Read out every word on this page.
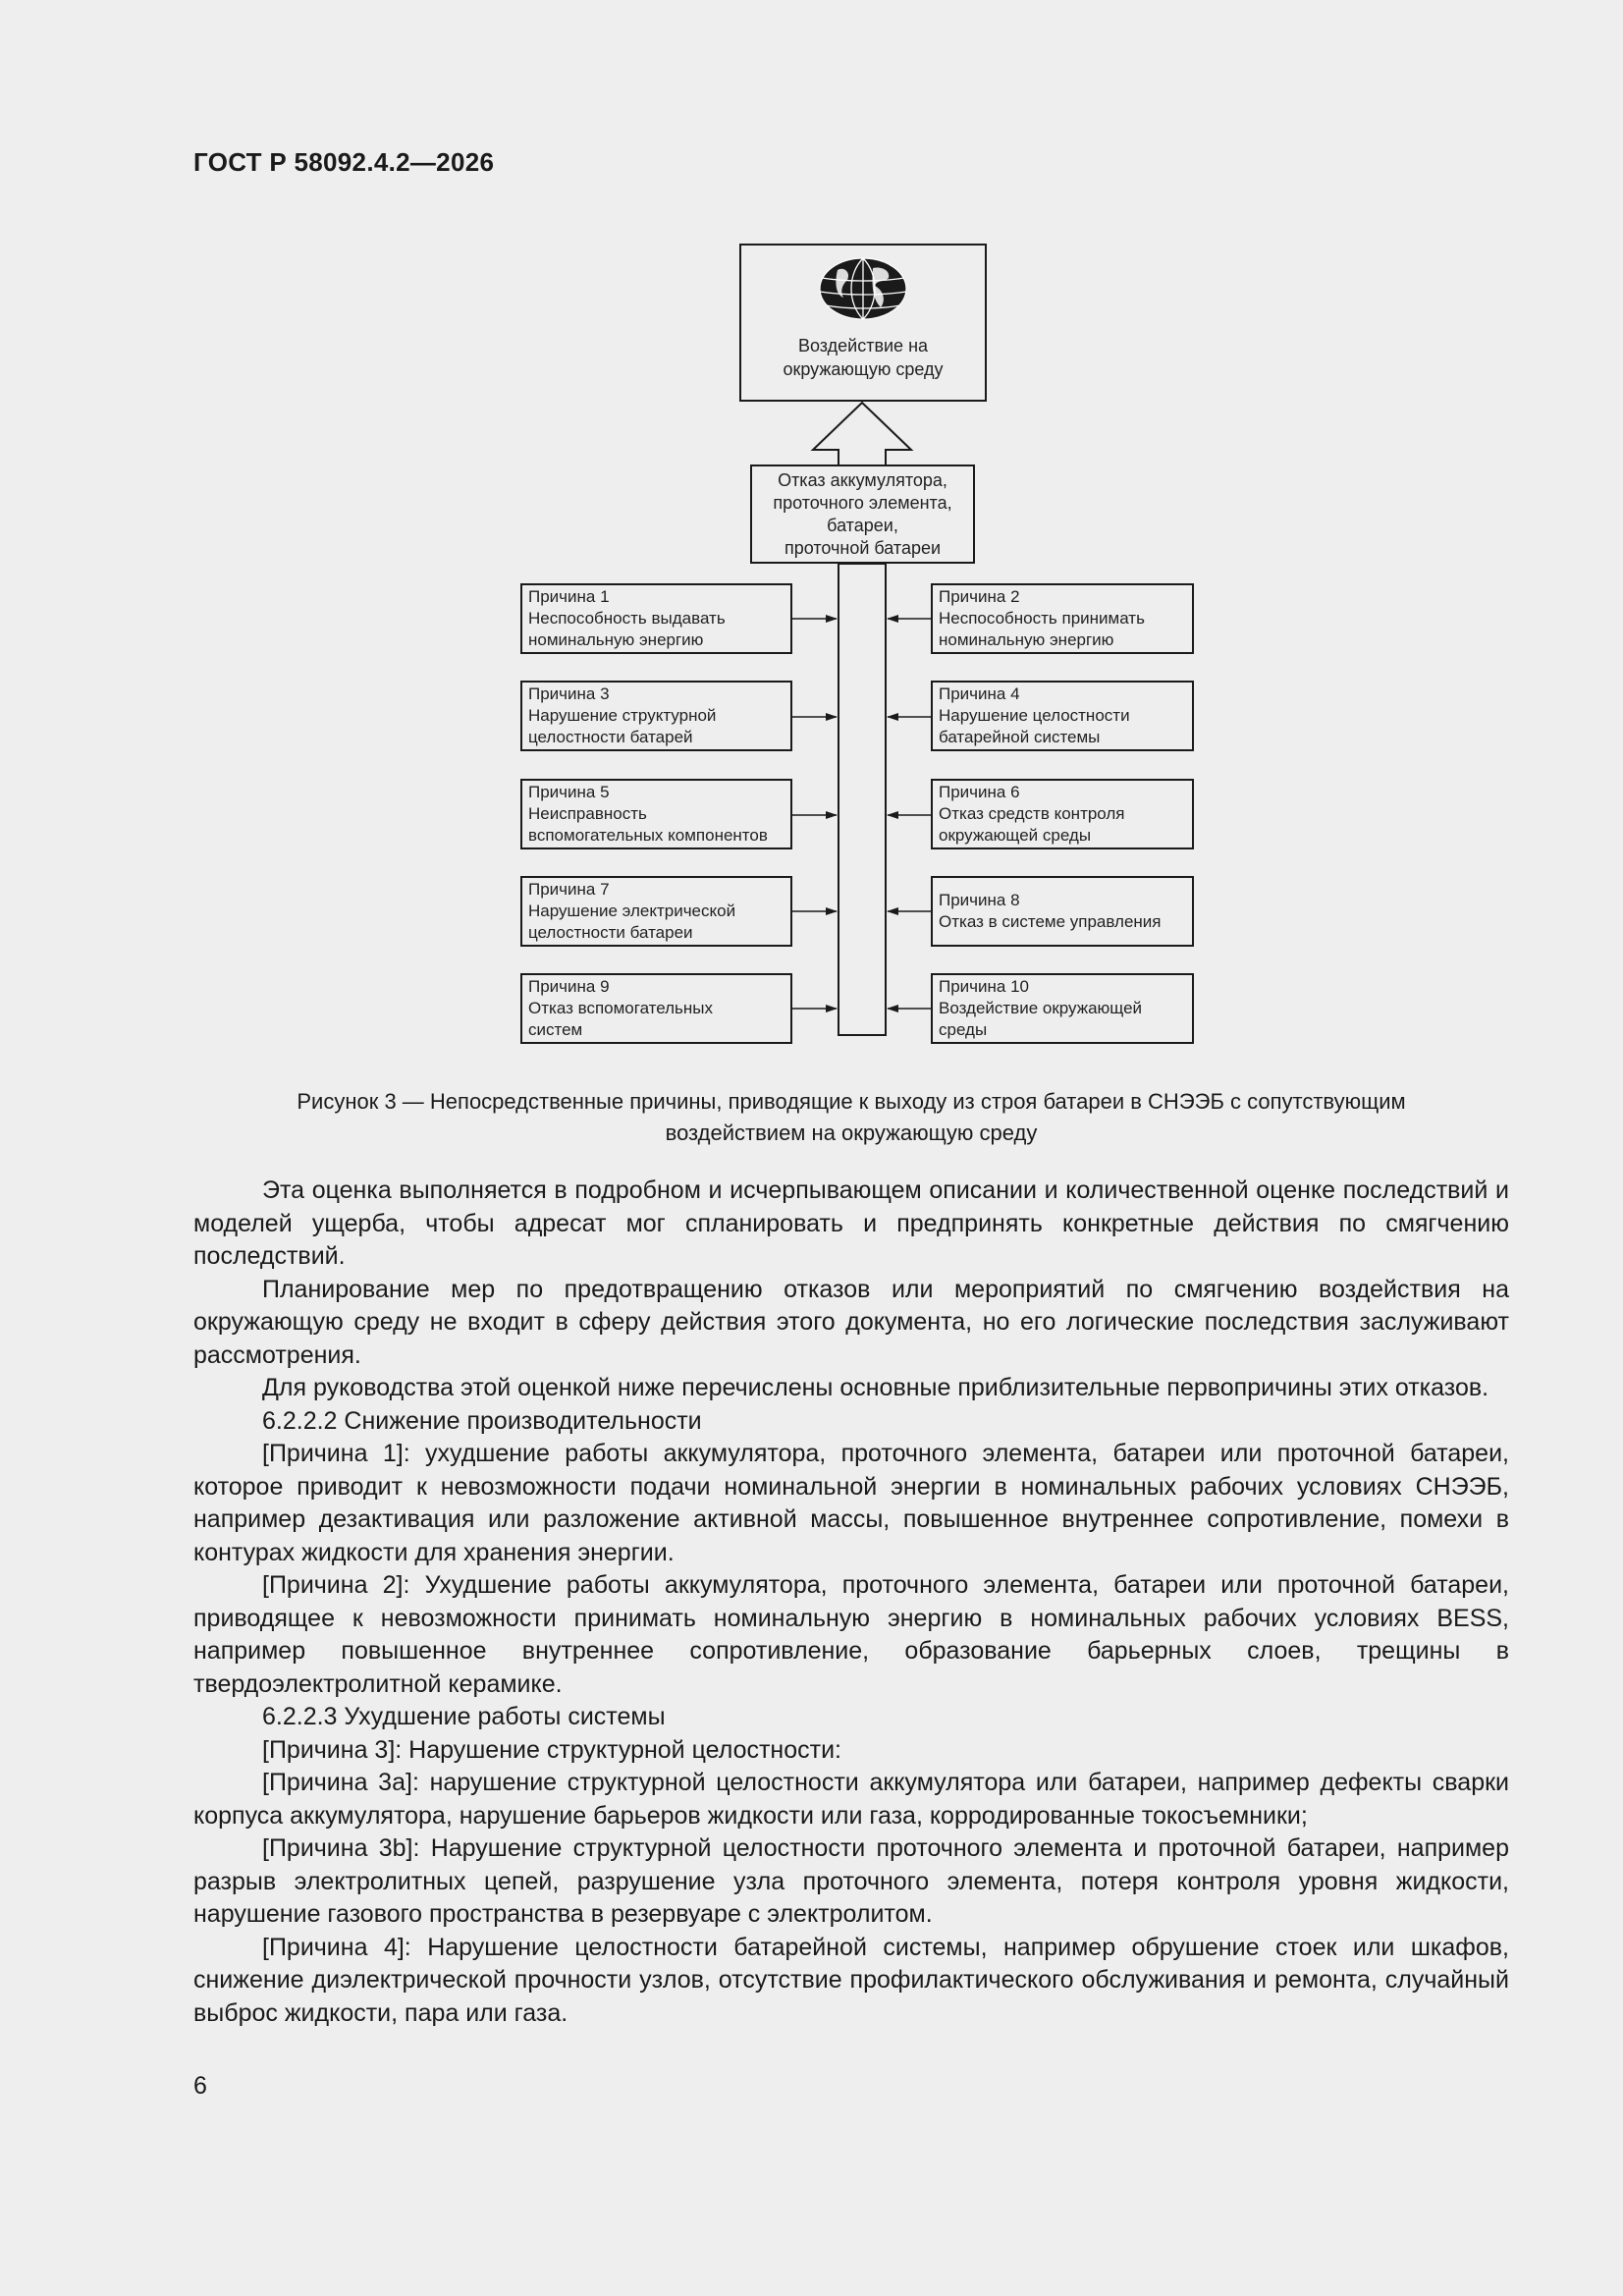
ГОСТ Р 58092.4.2—2026
Воздействие на
окружающую среду
Отказ аккумулятора,
проточного элемента,
батареи,
проточной батареи
Причина 1
Неспособность выдавать
номинальную энергию
Причина 3
Нарушение структурной
целостности батарей
Причина 5
Неисправность
вспомогательных компонентов
Причина 7
Нарушение электрической
целостности батареи
Причина 9
Отказ вспомогательных
систем
Причина 2
Неспособность принимать
номинальную энергию
Причина 4
Нарушение целостности
батарейной системы
Причина 6
Отказ средств контроля
окружающей среды
Причина 8
Отказ в системе управления
Причина 10
Воздействие окружающей
среды
Рисунок 3 — Непосредственные причины, приводящие к выходу из строя батареи в СНЭЭБ с сопутствующим
воздействием на окружающую среду

Эта оценка выполняется в подробном и исчерпывающем описании и количественной оценке последствий и моделей ущерба, чтобы адресат мог спланировать и предпринять конкретные действия по смягчению последствий.

Планирование мер по предотвращению отказов или мероприятий по смягчению воздействия на окружающую среду не входит в сферу действия этого документа, но его логические последствия заслуживают рассмотрения.

Для руководства этой оценкой ниже перечислены основные приблизительные первопричины этих отказов.

6.2.2.2 Снижение производительности

[Причина 1]: ухудшение работы аккумулятора, проточного элемента, батареи или проточной батареи, которое приводит к невозможности подачи номинальной энергии в номинальных рабочих условиях СНЭЭБ, например дезактивация или разложение активной массы, повышенное внутреннее сопротивление, помехи в контурах жидкости для хранения энергии.

[Причина 2]: Ухудшение работы аккумулятора, проточного элемента, батареи или проточной батареи, приводящее к невозможности принимать номинальную энергию в номинальных рабочих условиях BESS, например повышенное внутреннее сопротивление, образование барьерных слоев, трещины в твердоэлектролитной керамике.

6.2.2.3 Ухудшение работы системы

[Причина 3]: Нарушение структурной целостности:

[Причина 3a]: нарушение структурной целостности аккумулятора или батареи, например дефекты сварки корпуса аккумулятора, нарушение барьеров жидкости или газа, корродированные токосъемники;

[Причина 3b]: Нарушение структурной целостности проточного элемента и проточной батареи, например разрыв электролитных цепей, разрушение узла проточного элемента, потеря контроля уровня жидкости, нарушение газового пространства в резервуаре с электролитом.

[Причина 4]: Нарушение целостности батарейной системы, например обрушение стоек или шкафов, снижение диэлектрической прочности узлов, отсутствие профилактического обслуживания и ремонта, случайный выброс жидкости, пара или газа.

6
